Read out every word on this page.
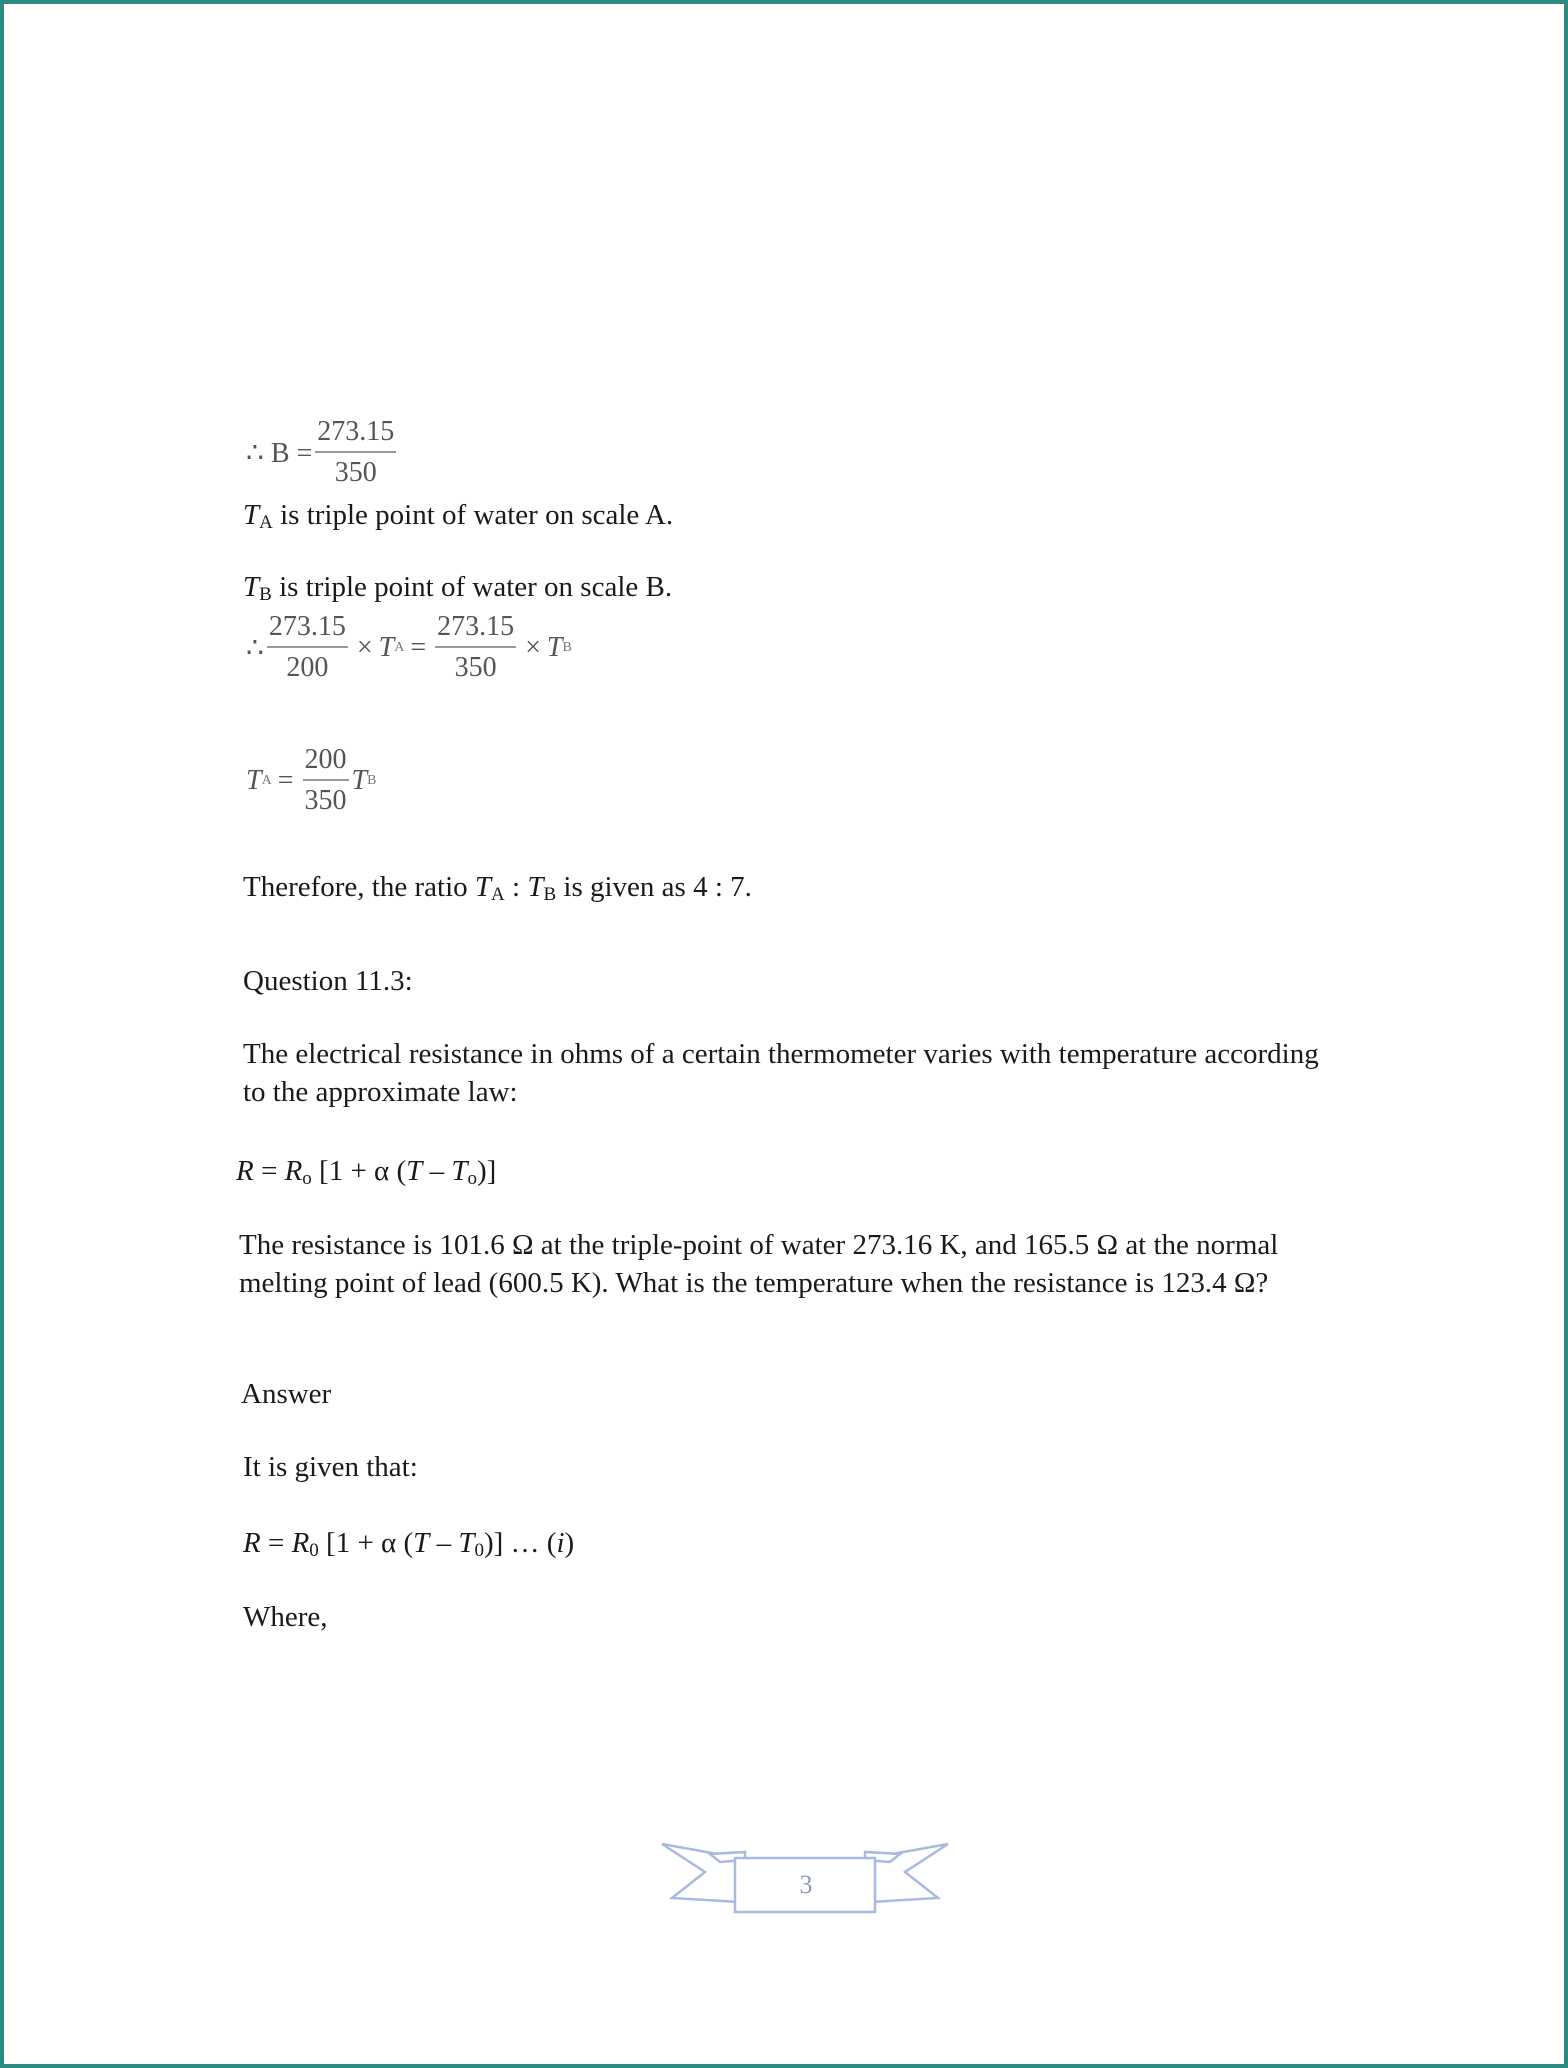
∴ $B = \frac{273.15}{350}$
$T_A$ is triple point of water on scale A.
$T_B$ is triple point of water on scale B.
∴ $\frac{273.15}{200} \times T$ $A = \frac{273.15}{350} \times T$ B
T $A = \frac{200}{350}$ T B
Therefore, the ratio $T_A$ : $T_B$ is given as 4 : 7.
Question 11.3:
The electrical resistance in ohms of a certain thermometer varies with temperature according to the approximate law:
$R = R_o$ [1 + α $(T - T_o)$]
The resistance is 101.6 Ω at the triple-point of water 273.16 K, and 165.5 Ω at the normal melting point of lead (600.5 K). What is the temperature when the resistance is 123.4 Ω?
Answer
It is given that:
$R = R_0$ [1 + α $(T - T_0)$] … (i)
Where,
3
